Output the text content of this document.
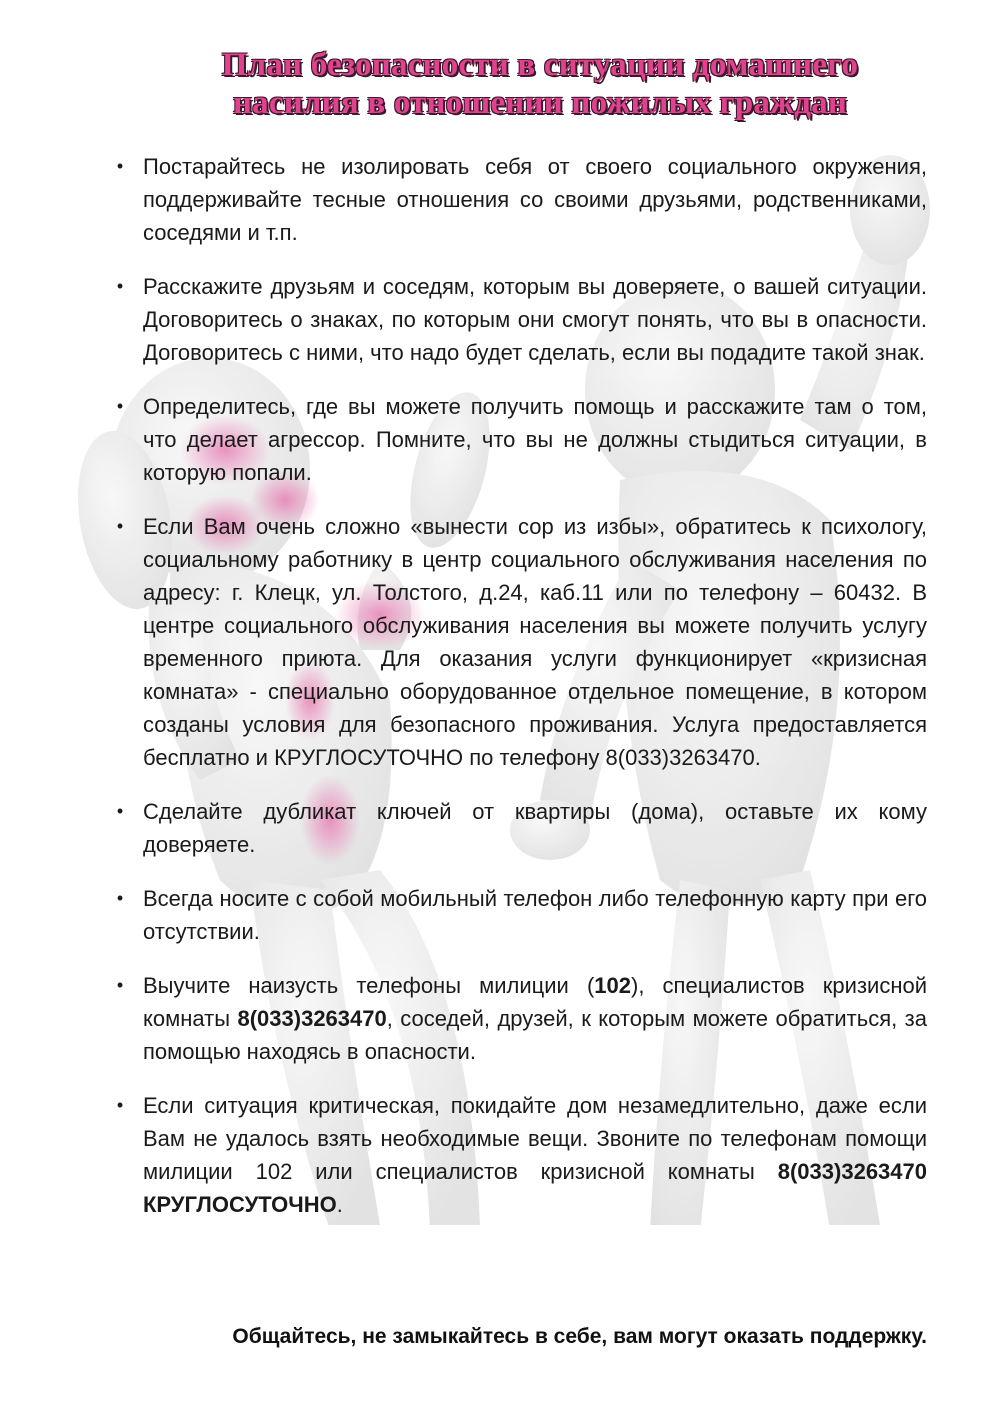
План безопасности в ситуации домашнего
насилия в отношении пожилых граждан
• Постарайтесь не изолировать себя от своего социального окружения, поддерживайте тесные отношения со своими друзьями, родственниками, соседями и т.п.
• Расскажите друзьям и соседям, которым вы доверяете, о вашей ситуации. Договоритесь о знаках, по которым они смогут понять, что вы в опасности. Договоритесь с ними, что надо будет сделать, если вы подадите такой знак.
• Определитесь, где вы можете получить помощь и расскажите там о том, что делает агрессор. Помните, что вы не должны стыдиться ситуации, в которую попали.
• Если Вам очень сложно «вынести сор из избы», обратитесь к психологу, социальному работнику в центр социального обслуживания населения по адресу: г. Клецк, ул. Толстого, д.24, каб.11 или по телефону – 60432. В центре социального обслуживания населения вы можете получить услугу временного приюта. Для оказания услуги функционирует «кризисная комната» - специально оборудованное отдельное помещение, в котором созданы условия для безопасного проживания. Услуга предоставляется бесплатно и КРУГЛОСУТОЧНО по телефону 8(033)3263470.
• Сделайте дубликат ключей от квартиры (дома), оставьте их кому доверяете.
• Всегда носите с собой мобильный телефон либо телефонную карту при его отсутствии.
• Выучите наизусть телефоны милиции (102), специалистов кризисной комнаты 8(033)3263470, соседей, друзей, к которым можете обратиться, за помощью находясь в опасности.
• Если ситуация критическая, покидайте дом незамедлительно, даже если Вам не удалось взять необходимые вещи. Звоните по телефонам помощи милиции 102 или специалистов кризисной комнаты 8(033)3263470 КРУГЛОСУТОЧНО.
Общайтесь, не замыкайтесь в себе, вам могут оказать поддержку.
